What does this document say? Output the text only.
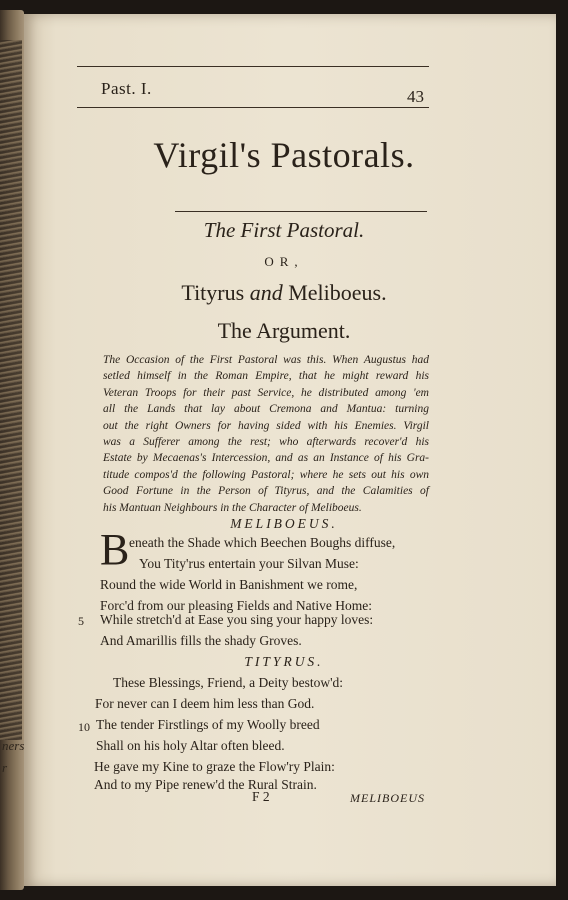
ners
r
Past. I.	43
Virgil's Pastorals.
The First Pastoral.
OR,
Tityrus and Meliboeus.
The Argument.
The Occasion of the First Pastoral was this. When Augustus had
setled himself in the Roman Empire, that he might reward his
Veteran Troops for their past Service, he distributed among 'em
all the Lands that lay about Cremona and Mantua: turning
out the right Owners for having sided with his Enemies. Virgil
was a Sufferer among the rest; who afterwards recover'd his
Estate by Mecaenas's Intercession, and as an Instance of his Gra-
titude compos'd the following Pastoral; where he sets out his own
Good Fortune in the Person of Tityrus, and the Calamities of
his Mantuan Neighbours in the Character of Meliboeus.
MELIBOEUS.
B eneath the Shade which Beechen Boughs diffuse,
You Tity'rus entertain your Silvan Muse:
Round the wide World in Banishment we rome,
Forc'd from our pleasing Fields and Native Home:
5 While stretch'd at Ease you sing your happy loves:
And Amarillis fills the shady Groves.
TITYRUS.
These Blessings, Friend, a Deity bestow'd:
For never can I deem him less than God.
10 The tender Firstlings of my Woolly breed
Shall on his holy Altar often bleed.
He gave my Kine to graze the Flow'ry Plain:
And to my Pipe renew'd the Rural Strain.
F 2	MELIBOEUS
